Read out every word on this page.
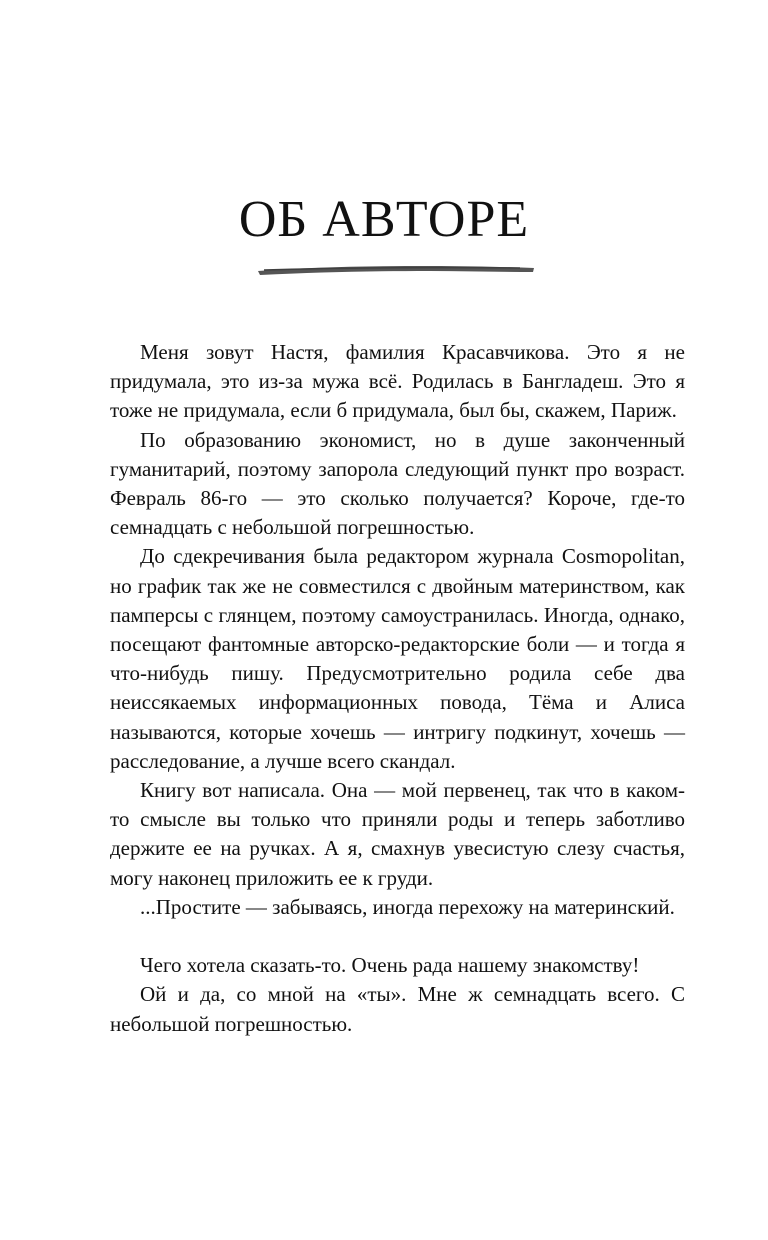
ОБ АВТОРЕ

Меня зовут Настя, фамилия Красавчикова. Это я не придумала, это из-за мужа всё. Родилась в Бангладеш. Это я тоже не придумала, если б придумала, был бы, скажем, Париж.

По образованию экономист, но в душе законченный гуманитарий, поэтому запорола следующий пункт про возраст. Февраль 86-го — это сколько получается? Короче, где-то семнадцать с небольшой погрешностью.

До сдекречивания была редактором журнала Cosmopolitan, но график так же не совместился с двойным материнством, как памперсы с глянцем, поэтому самоустранилась. Иногда, однако, посещают фантомные авторско-редакторские боли — и тогда я что-нибудь пишу. Предусмотрительно родила себе два неиссякаемых информационных повода, Тёма и Алиса называются, которые хочешь — интригу подкинут, хочешь — расследование, а лучше всего скандал.

Книгу вот написала. Она — мой первенец, так что в каком-то смысле вы только что приняли роды и теперь заботливо держите ее на ручках. А я, смахнув увесистую слезу счастья, могу наконец приложить ее к груди.

...Простите — забываясь, иногда перехожу на материнский.

Чего хотела сказать-то. Очень рада нашему знакомству!

Ой и да, со мной на «ты». Мне ж семнадцать всего. С небольшой погрешностью.
